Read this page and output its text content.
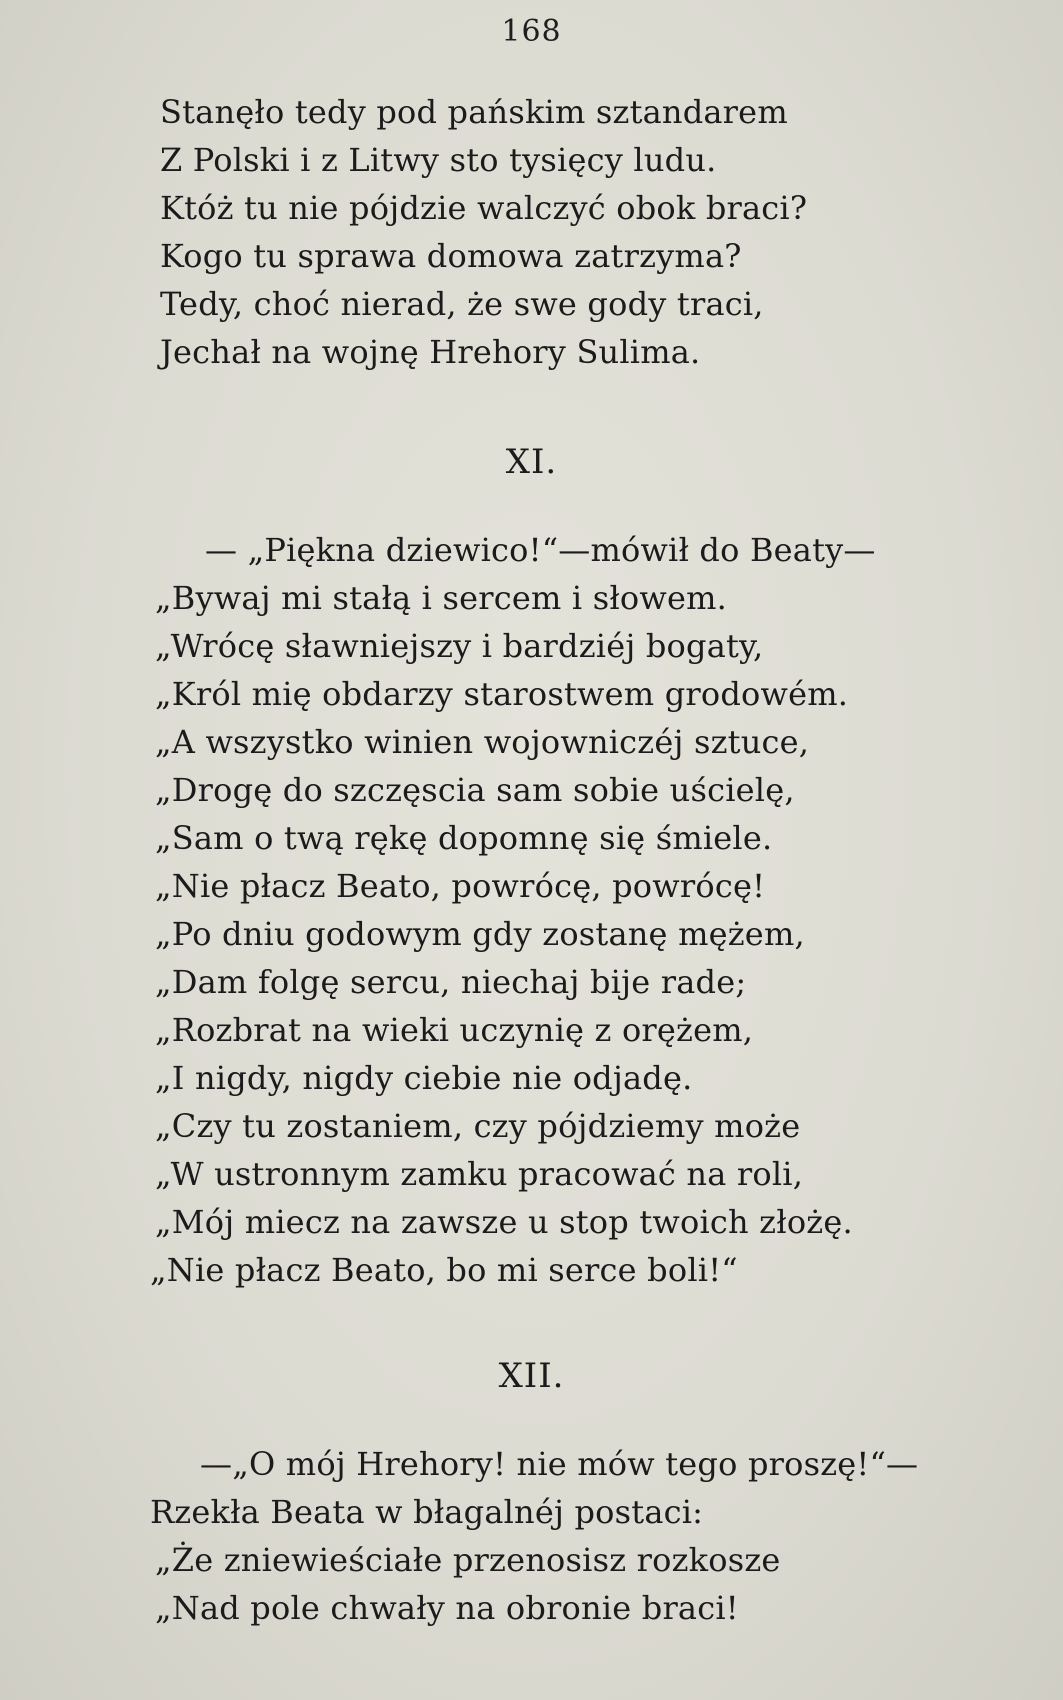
168
Stanęło tedy pod pańskim sztandarem
Z Polski i z Litwy sto tysięcy ludu.
Któż tu nie pójdzie walczyć obok braci?
Kogo tu sprawa domowa zatrzyma?
Tedy, choć nierad, że swe gody traci,
Jechał na wojnę Hrehory Sulima.
XI.
— „Piękna dziewico!“—mówił do Beaty—
„Bywaj mi stałą i sercem i słowem.
„Wrócę sławniejszy i bardziéj bogaty,
„Król mię obdarzy starostwem grodowém.
„A wszystko winien wojowniczéj sztuce,
„Drogę do szczęscia sam sobie uścielę,
„Sam o twą rękę dopomnę się śmiele.
„Nie płacz Beato, powrócę, powrócę!
„Po dniu godowym gdy zostanę mężem,
„Dam folgę sercu, niechaj bije rade;
„Rozbrat na wieki uczynię z orężem,
„I nigdy, nigdy ciebie nie odjadę.
„Czy tu zostaniem, czy pójdziemy może
„W ustronnym zamku pracować na roli,
„Mój miecz na zawsze u stop twoich złożę.
„Nie płacz Beato, bo mi serce boli!“
XII.
—„O mój Hrehory! nie mów tego proszę!“—
Rzekła Beata w błagalnéj postaci:
„Że zniewieściałe przenosisz rozkosze
„Nad pole chwały na obronie braci!
